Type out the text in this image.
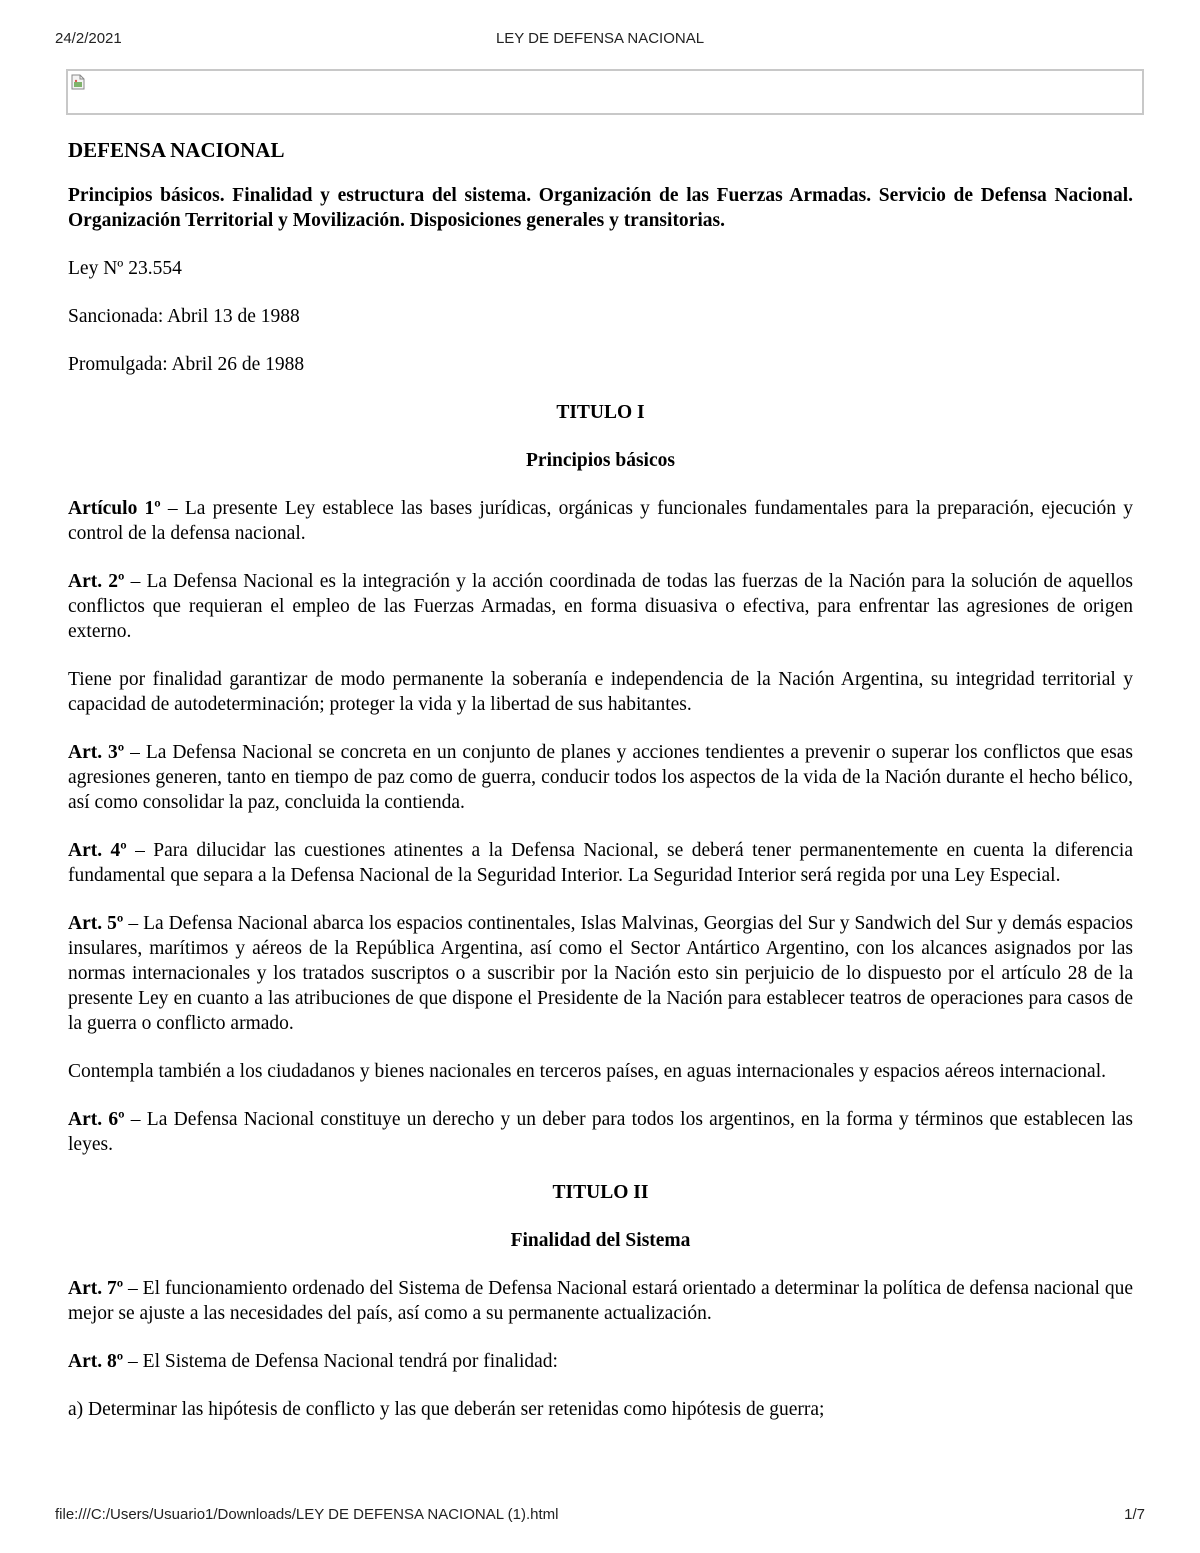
24/2/2021	LEY DE DEFENSA NACIONAL

DEFENSA NACIONAL

Principios básicos. Finalidad y estructura del sistema. Organización de las Fuerzas Armadas. Servicio de Defensa Nacional. Organización Territorial y Movilización. Disposiciones generales y transitorias.

Ley Nº 23.554

Sancionada: Abril 13 de 1988

Promulgada: Abril 26 de 1988

TITULO I

Principios básicos

Artículo 1º – La presente Ley establece las bases jurídicas, orgánicas y funcionales fundamentales para la preparación, ejecución y control de la defensa nacional.

Art. 2º – La Defensa Nacional es la integración y la acción coordinada de todas las fuerzas de la Nación para la solución de aquellos conflictos que requieran el empleo de las Fuerzas Armadas, en forma disuasiva o efectiva, para enfrentar las agresiones de origen externo.

Tiene por finalidad garantizar de modo permanente la soberanía e independencia de la Nación Argentina, su integridad territorial y capacidad de autodeterminación; proteger la vida y la libertad de sus habitantes.

Art. 3º – La Defensa Nacional se concreta en un conjunto de planes y acciones tendientes a prevenir o superar los conflictos que esas agresiones generen, tanto en tiempo de paz como de guerra, conducir todos los aspectos de la vida de la Nación durante el hecho bélico, así como consolidar la paz, concluida la contienda.

Art. 4º – Para dilucidar las cuestiones atinentes a la Defensa Nacional, se deberá tener permanentemente en cuenta la diferencia fundamental que separa a la Defensa Nacional de la Seguridad Interior. La Seguridad Interior será regida por una Ley Especial.

Art. 5º – La Defensa Nacional abarca los espacios continentales, Islas Malvinas, Georgias del Sur y Sandwich del Sur y demás espacios insulares, marítimos y aéreos de la República Argentina, así como el Sector Antártico Argentino, con los alcances asignados por las normas internacionales y los tratados suscriptos o a suscribir por la Nación esto sin perjuicio de lo dispuesto por el artículo 28 de la presente Ley en cuanto a las atribuciones de que dispone el Presidente de la Nación para establecer teatros de operaciones para casos de la guerra o conflicto armado.

Contempla también a los ciudadanos y bienes nacionales en terceros países, en aguas internacionales y espacios aéreos internacional.

Art. 6º – La Defensa Nacional constituye un derecho y un deber para todos los argentinos, en la forma y términos que establecen las leyes.

TITULO II

Finalidad del Sistema

Art. 7º – El funcionamiento ordenado del Sistema de Defensa Nacional estará orientado a determinar la política de defensa nacional que mejor se ajuste a las necesidades del país, así como a su permanente actualización.

Art. 8º – El Sistema de Defensa Nacional tendrá por finalidad:

a) Determinar las hipótesis de conflicto y las que deberán ser retenidas como hipótesis de guerra;

file:///C:/Users/Usuario1/Downloads/LEY DE DEFENSA NACIONAL (1).html	1/7
